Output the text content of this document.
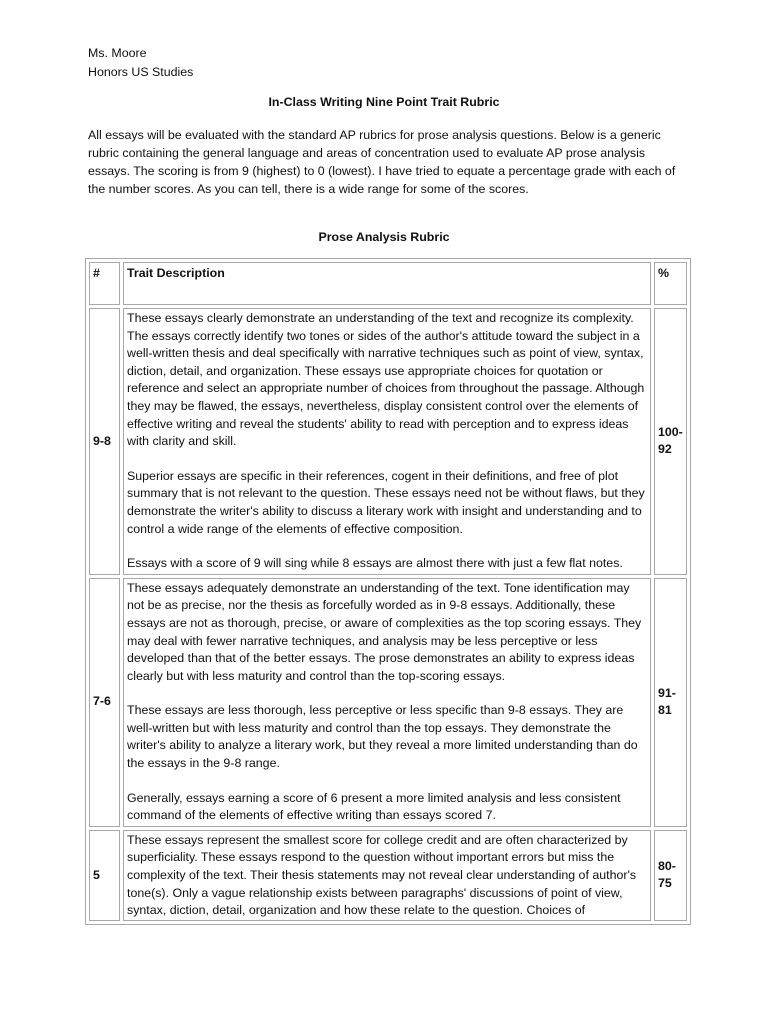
Ms. Moore
Honors US Studies
In-Class Writing Nine Point Trait Rubric
All essays will be evaluated with the standard AP rubrics for prose analysis questions. Below is a generic rubric containing the general language and areas of concentration used to evaluate AP prose analysis essays. The scoring is from 9 (highest) to 0 (lowest). I have tried to equate a percentage grade with each of the number scores. As you can tell, there is a wide range for some of the scores.
Prose Analysis Rubric
#	Trait Description	%
9-8	These essays clearly demonstrate an understanding of the text and recognize its complexity. The essays correctly identify two tones or sides of the author's attitude toward the subject in a well-written thesis and deal specifically with narrative techniques such as point of view, syntax, diction, detail, and organization. These essays use appropriate choices for quotation or reference and select an appropriate number of choices from throughout the passage. Although they may be flawed, the essays, nevertheless, display consistent control over the elements of effective writing and reveal the students' ability to read with perception and to express ideas with clarity and skill.

Superior essays are specific in their references, cogent in their definitions, and free of plot summary that is not relevant to the question. These essays need not be without flaws, but they demonstrate the writer's ability to discuss a literary work with insight and understanding and to control a wide range of the elements of effective composition.

Essays with a score of 9 will sing while 8 essays are almost there with just a few flat notes.	100-92
7-6	These essays adequately demonstrate an understanding of the text. Tone identification may not be as precise, nor the thesis as forcefully worded as in 9-8 essays. Additionally, these essays are not as thorough, precise, or aware of complexities as the top scoring essays. They may deal with fewer narrative techniques, and analysis may be less perceptive or less developed than that of the better essays. The prose demonstrates an ability to express ideas clearly but with less maturity and control than the top-scoring essays.

These essays are less thorough, less perceptive or less specific than 9-8 essays. They are well-written but with less maturity and control than the top essays. They demonstrate the writer's ability to analyze a literary work, but they reveal a more limited understanding than do the essays in the 9-8 range.

Generally, essays earning a score of 6 present a more limited analysis and less consistent command of the elements of effective writing than essays scored 7.	91-81
5	These essays represent the smallest score for college credit and are often characterized by superficiality. These essays respond to the question without important errors but miss the complexity of the text. Their thesis statements may not reveal clear understanding of author's tone(s). Only a vague relationship exists between paragraphs' discussions of point of view, syntax, diction, detail, organization and how these relate to the question. Choices of	80-75
